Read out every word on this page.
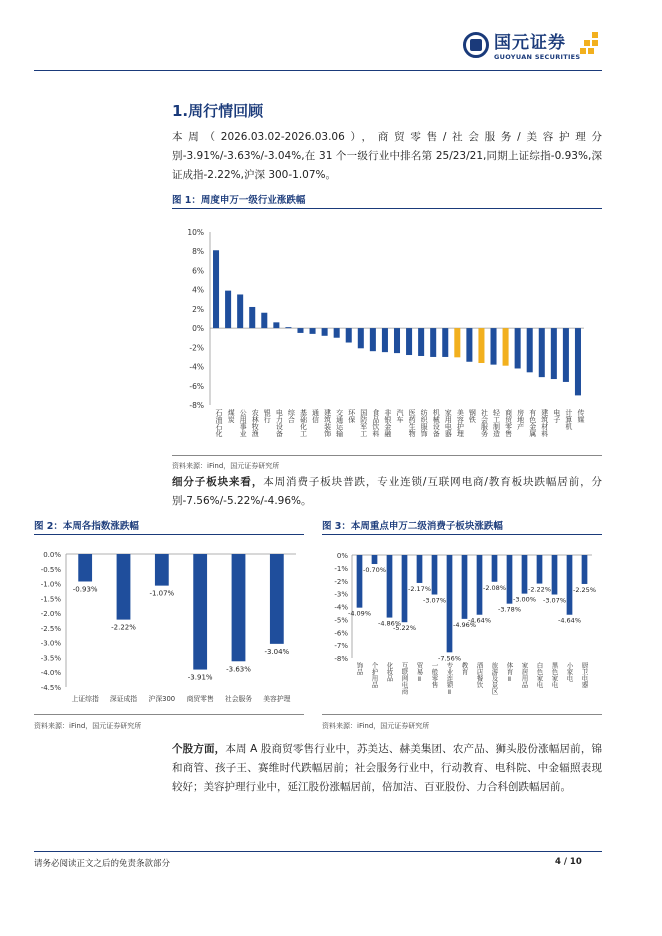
国元证券
GUOYUAN SECURITIES
1.周行情回顾
本周（2026.03.02-2026.03.06），商贸零售/社会服务/美容护理分别-3.91%/-3.63%/-3.04%,在 31 个一级行业中排名第 25/23/21,同期上证综指-0.93%,深证成指-2.22%,沪深 300-1.07%。
图 1：周度申万一级行业涨跌幅
10%
8%
6%
4%
2%
0%
-2%
-4%
-6%
-8%
石油石化 煤炭 公用事业 农林牧渔 银行 电力设备 综合 基础化工 通信 建筑装饰 交通运输 环保 国防军工 食品饮料 非银金融 汽车 医药生物 纺织服饰 机械设备 家用电器 美容护理 钢铁 社会服务 轻工制造 商贸零售 房地产 有色金属 建筑材料 电子 计算机 传媒
资料来源：iFind，国元证券研究所
细分子板块来看，本周消费子板块普跌，专业连锁/互联网电商/教育板块跌幅居前，分别-7.56%/-5.22%/-4.96%。
图 2：本周各指数涨跌幅
0.0%
-0.5%
-1.0%
-1.5%
-2.0%
-2.5%
-3.0%
-3.5%
-4.0%
-4.5%
-0.93%
上证综指
-2.22%
深证成指
-1.07%
沪深300
-3.91%
商贸零售
-3.63%
社会服务
-3.04%
美容护理
资料来源：iFind，国元证券研究所
图 3：本周重点申万二级消费子板块涨跌幅
0%
-1%
-2%
-3%
-4%
-5%
-6%
-7%
-8%
-4.09%
饰品
-0.70%
个护用品
-4.86%
化妆品
-5.22%
互联网电商
-2.17%
贸易Ⅱ
-3.07%
一般零售
-7.56%
专业连锁Ⅱ
-4.96%
教育
-4.64%
酒店餐饮
-2.08%
旅游及景区
-3.78%
体育Ⅱ
-3.00%
家居用品
-2.22%
白色家电
-3.07%
黑色家电
-4.64%
小家电
-2.25%
厨卫电器
资料来源：iFind，国元证券研究所
个股方面，本周 A 股商贸零售行业中，苏美达、赫美集团、农产品、狮头股份涨幅居前，锦和商管、孩子王、赛维时代跌幅居前；社会服务行业中，行动教育、电科院、中金辐照表现较好；美容护理行业中，延江股份涨幅居前，倍加洁、百亚股份、力合科创跌幅居前。
请务必阅读正文之后的免责条款部分	4 / 10
